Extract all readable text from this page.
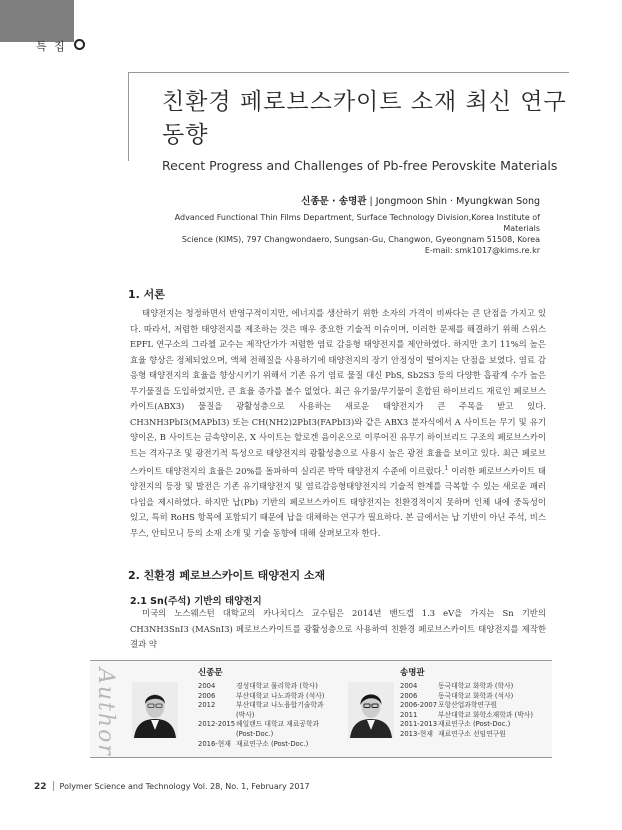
특 집
친환경 페로브스카이트 소재 최신 연구동향
Recent Progress and Challenges of Pb-free Perovskite Materials
신종문 · 송명관 | Jongmoon Shin · Myungkwan Song
Advanced Functional Thin Films Department, Surface Technology Division,Korea Institute of Materials
Science (KIMS), 797 Changwondaero, Sungsan-Gu, Changwon, Gyeongnam 51508, Korea
E-mail: smk1017@kims.re.kr
1. 서론

태양전지는 청정하면서 반영구적이지만, 에너지를 생산하기 위한 소자의 가격이 비싸다는 큰 단점을 가지고 있다. 따라서, 저렴한 태양전지를 제조하는 것은 매우 중요한 기술적 이슈이며, 이러한 문제를 해결하기 위해 스위스 EPFL 연구소의 그라첼 교수는 제작단가가 저렴한 염료 감응형 태양전지를 제안하였다. 하지만 초기 11%의 높은 효율 향상은 정체되었으며, 액체 전해질을 사용하기에 태양전지의 장기 안정성이 떨어지는 단점을 보였다. 염료 감응형 태양전지의 효율을 향상시키기 위해서 기존 유기 염료 물질 대신 PbS, Sb2S3 등의 다양한 흡광계 수가 높은 무기물질을 도입하였지만, 큰 효율 증가를 볼수 없었다. 최근 유기물/무기물이 혼합된 하이브리드 재료인 페로브스카이트(ABX3) 물질을 광활성층으로 사용하는 새로운 태양전지가 큰 주목을 받고 있다. CH3NH3PbI3(MAPbI3) 또는 CH(NH2)2PbI3(FAPbI3)와 같은 ABX3 분자식에서 A 사이트는 무기 및 유기 양이온, B 사이트는 금속양이온, X 사이트는 할로겐 음이온으로 이루어진 유무기 하이브리드 구조의 페로브스카이트는 격자구조 및 광전기적 특성으로 태양전지의 광활성층으로 사용시 높은 광전 효율을 보이고 있다. 최근 페로브스카이트 태양전지의 효율은 20%를 돌파하여 실리콘 박막 태양전지 수준에 이르렀다.$^1$ 이러한 페로브스카이트 태양전지의 등장 및 발전은 기존 유기태양전지 및 염료감응형태양전지의 기술적 한계를 극복할 수 있는 새로운 패러다임을 제시하였다. 하지만 납(Pb) 기반의 페로브스카이트 태양전지는 친환경적이지 못하며 인체 내에 중독성이 있고, 특히 RoHS 항목에 포함되기 때문에 납을 대체하는 연구가 필요하다. 본 글에서는 납 기반이 아닌 주석, 비스무스, 안티모니 등의 소재 소개 및 기술 동향에 대해 살펴보고자 한다.

2. 친환경 페로브스카이트 태양전지 소재
2.1 Sn(주석) 기반의 태양전지

미국의 노스웨스턴 대학교의 카나치디스 교수팀은 2014년 밴드갭 1.3 eV을 가지는 Sn 기반의 CH3NH3SnI3 (MASnI3) 페로브스카이트를 광활성층으로 사용하여 친환경 페로브스카이트 태양전지를 제작한 결과 약

Author	신종문
2004	경성대학교 물리학과 (학사)
2006	부산대학교 나노과학과 (석사)
2012	부산대학교 나노융합기술학과
(박사)
2012-2015 헤일랜드 대학교 재료공학과
(Post-Doc.)
2016-현재 재료연구소 (Post-Doc.)
송명관
2004	동국대학교 화학과 (학사)
2006	동국대학교 화학과 (석사)
2006-2007 포항산업과학연구원
2011	부산대학교 화학소재학과 (박사)
2011-2013 재료연구소 (Post-Doc.)
2013-현재 재료연구소 선임연구원
22 Polymer Science and Technology Vol. 28, No. 1, February 2017
